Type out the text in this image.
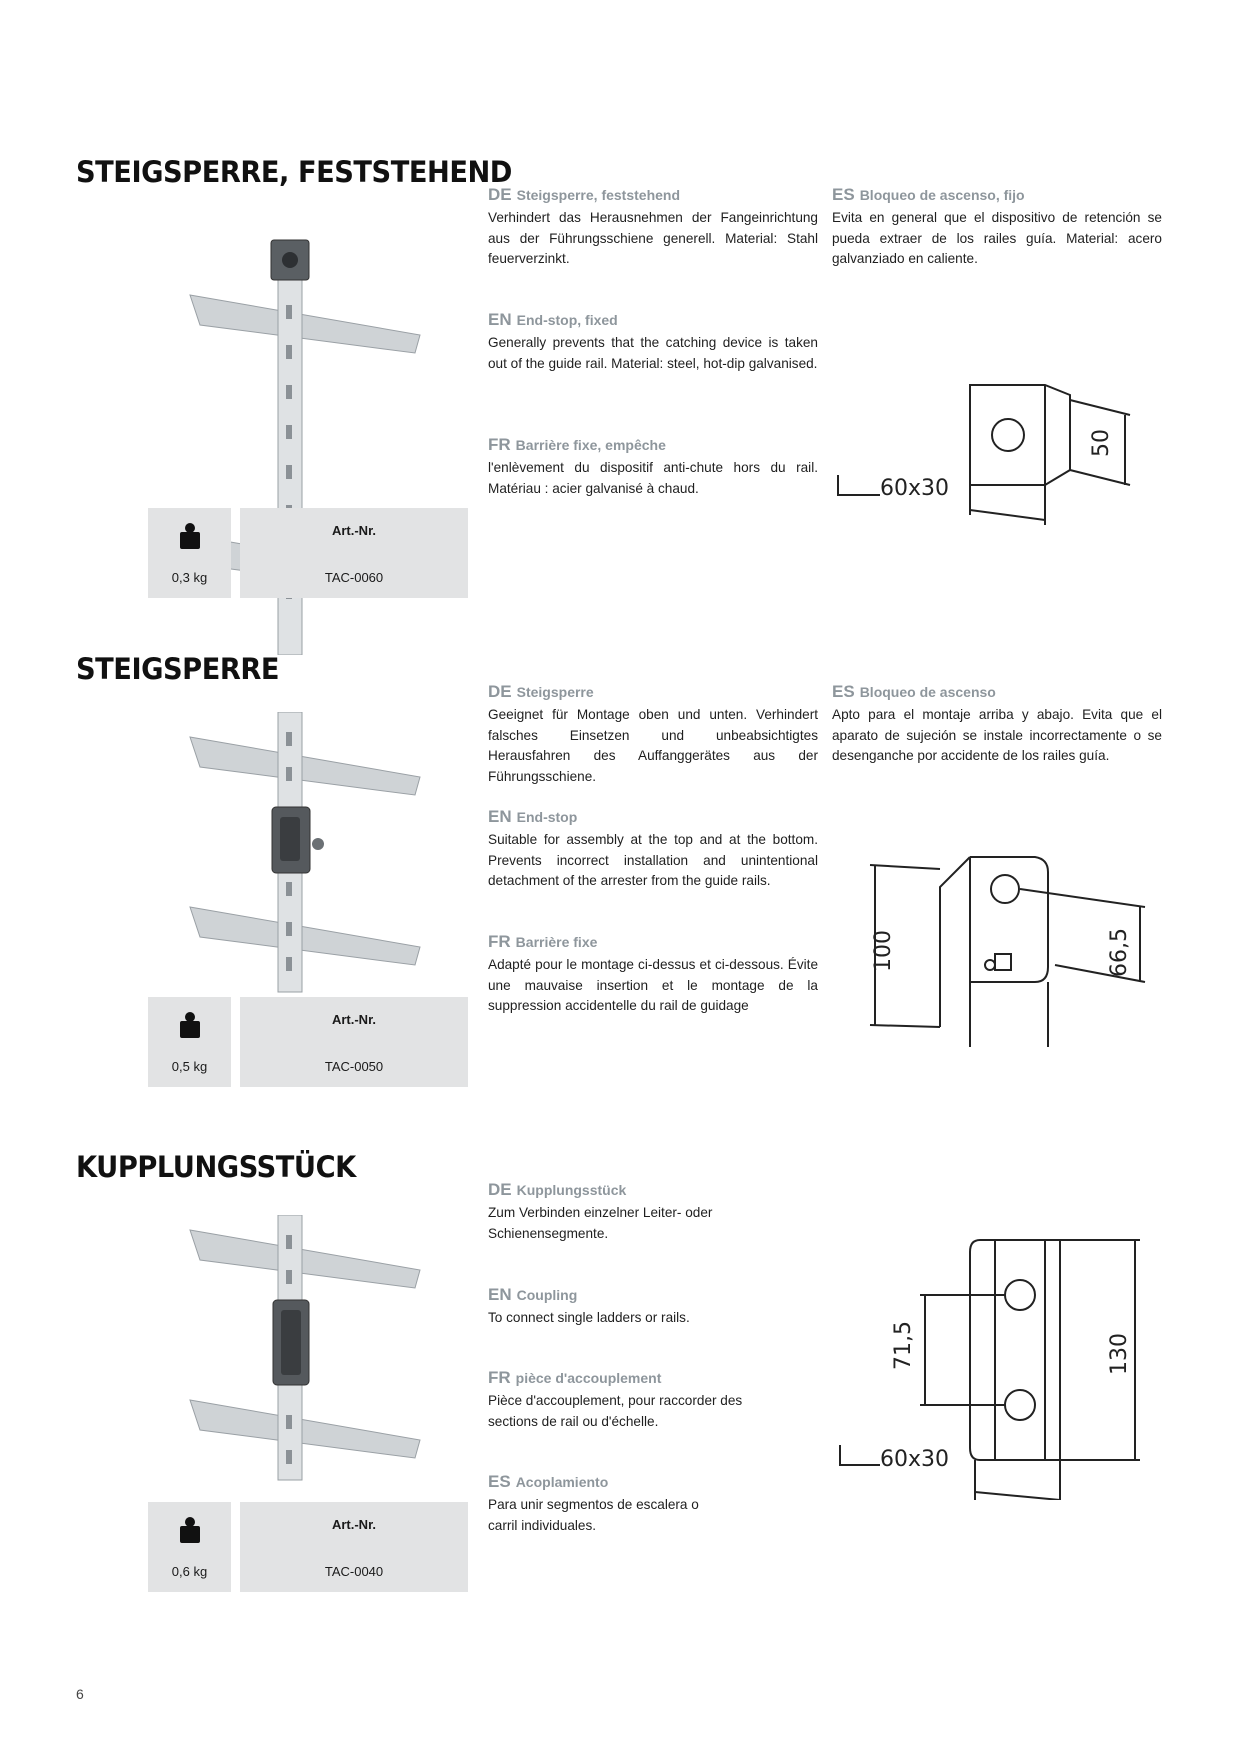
STEIGSPERRE, FESTSTEHEND
0,3 kg
Art.-Nr.
TAC-0060
DE Steigsperre, feststehend

Verhindert das Herausnehmen der Fangeinrichtung aus der Führungsschiene generell. Material: Stahl feuerverzinkt.

EN End-stop, fixed

Generally prevents that the catching device is taken out of the guide rail. Material: steel, hot-dip galvanised.

FR Barrière fixe, empêche

l'enlèvement du dispositif anti-chute hors du rail. Matériau : acier galvanisé à chaud.

ES Bloqueo de ascenso, fijo

Evita en general que el dispositivo de retención se pueda extraer de los railes guía. Material: acero galvanziado en caliente.

50
60x30
STEIGSPERRE
0,5 kg
Art.-Nr.
TAC-0050
DE Steigsperre

Geeignet für Montage oben und unten. Verhindert falsches Einsetzen und unbeabsichtigtes Herausfahren des Auffanggerätes aus der Führungsschiene.

EN End-stop

Suitable for assembly at the top and at the bottom. Prevents incorrect installation and unintentional detachment of the arrester from the guide rails.

FR Barrière fixe

Adapté pour le montage ci-dessus et ci-dessous. Évite une mauvaise insertion et le montage de la suppression accidentelle du rail de guidage

ES Bloqueo de ascenso

Apto para el montaje arriba y abajo. Evita que el aparato de sujeción se instale incorrectamente o se desenganche por accidente de los railes guía.

100	66,5
KUPPLUNGSSTÜCK
0,6 kg
Art.-Nr.
TAC-0040
DE Kupplungsstück

Zum Verbinden einzelner Leiter- oder Schienensegmente.

EN Coupling

To connect single ladders or rails.

FR pièce d'accouplement

Pièce d'accouplement, pour raccorder des sections de rail ou d'échelle.

ES Acoplamiento

Para unir segmentos de escalera o carril individuales.

71,5	130
60x30
6
